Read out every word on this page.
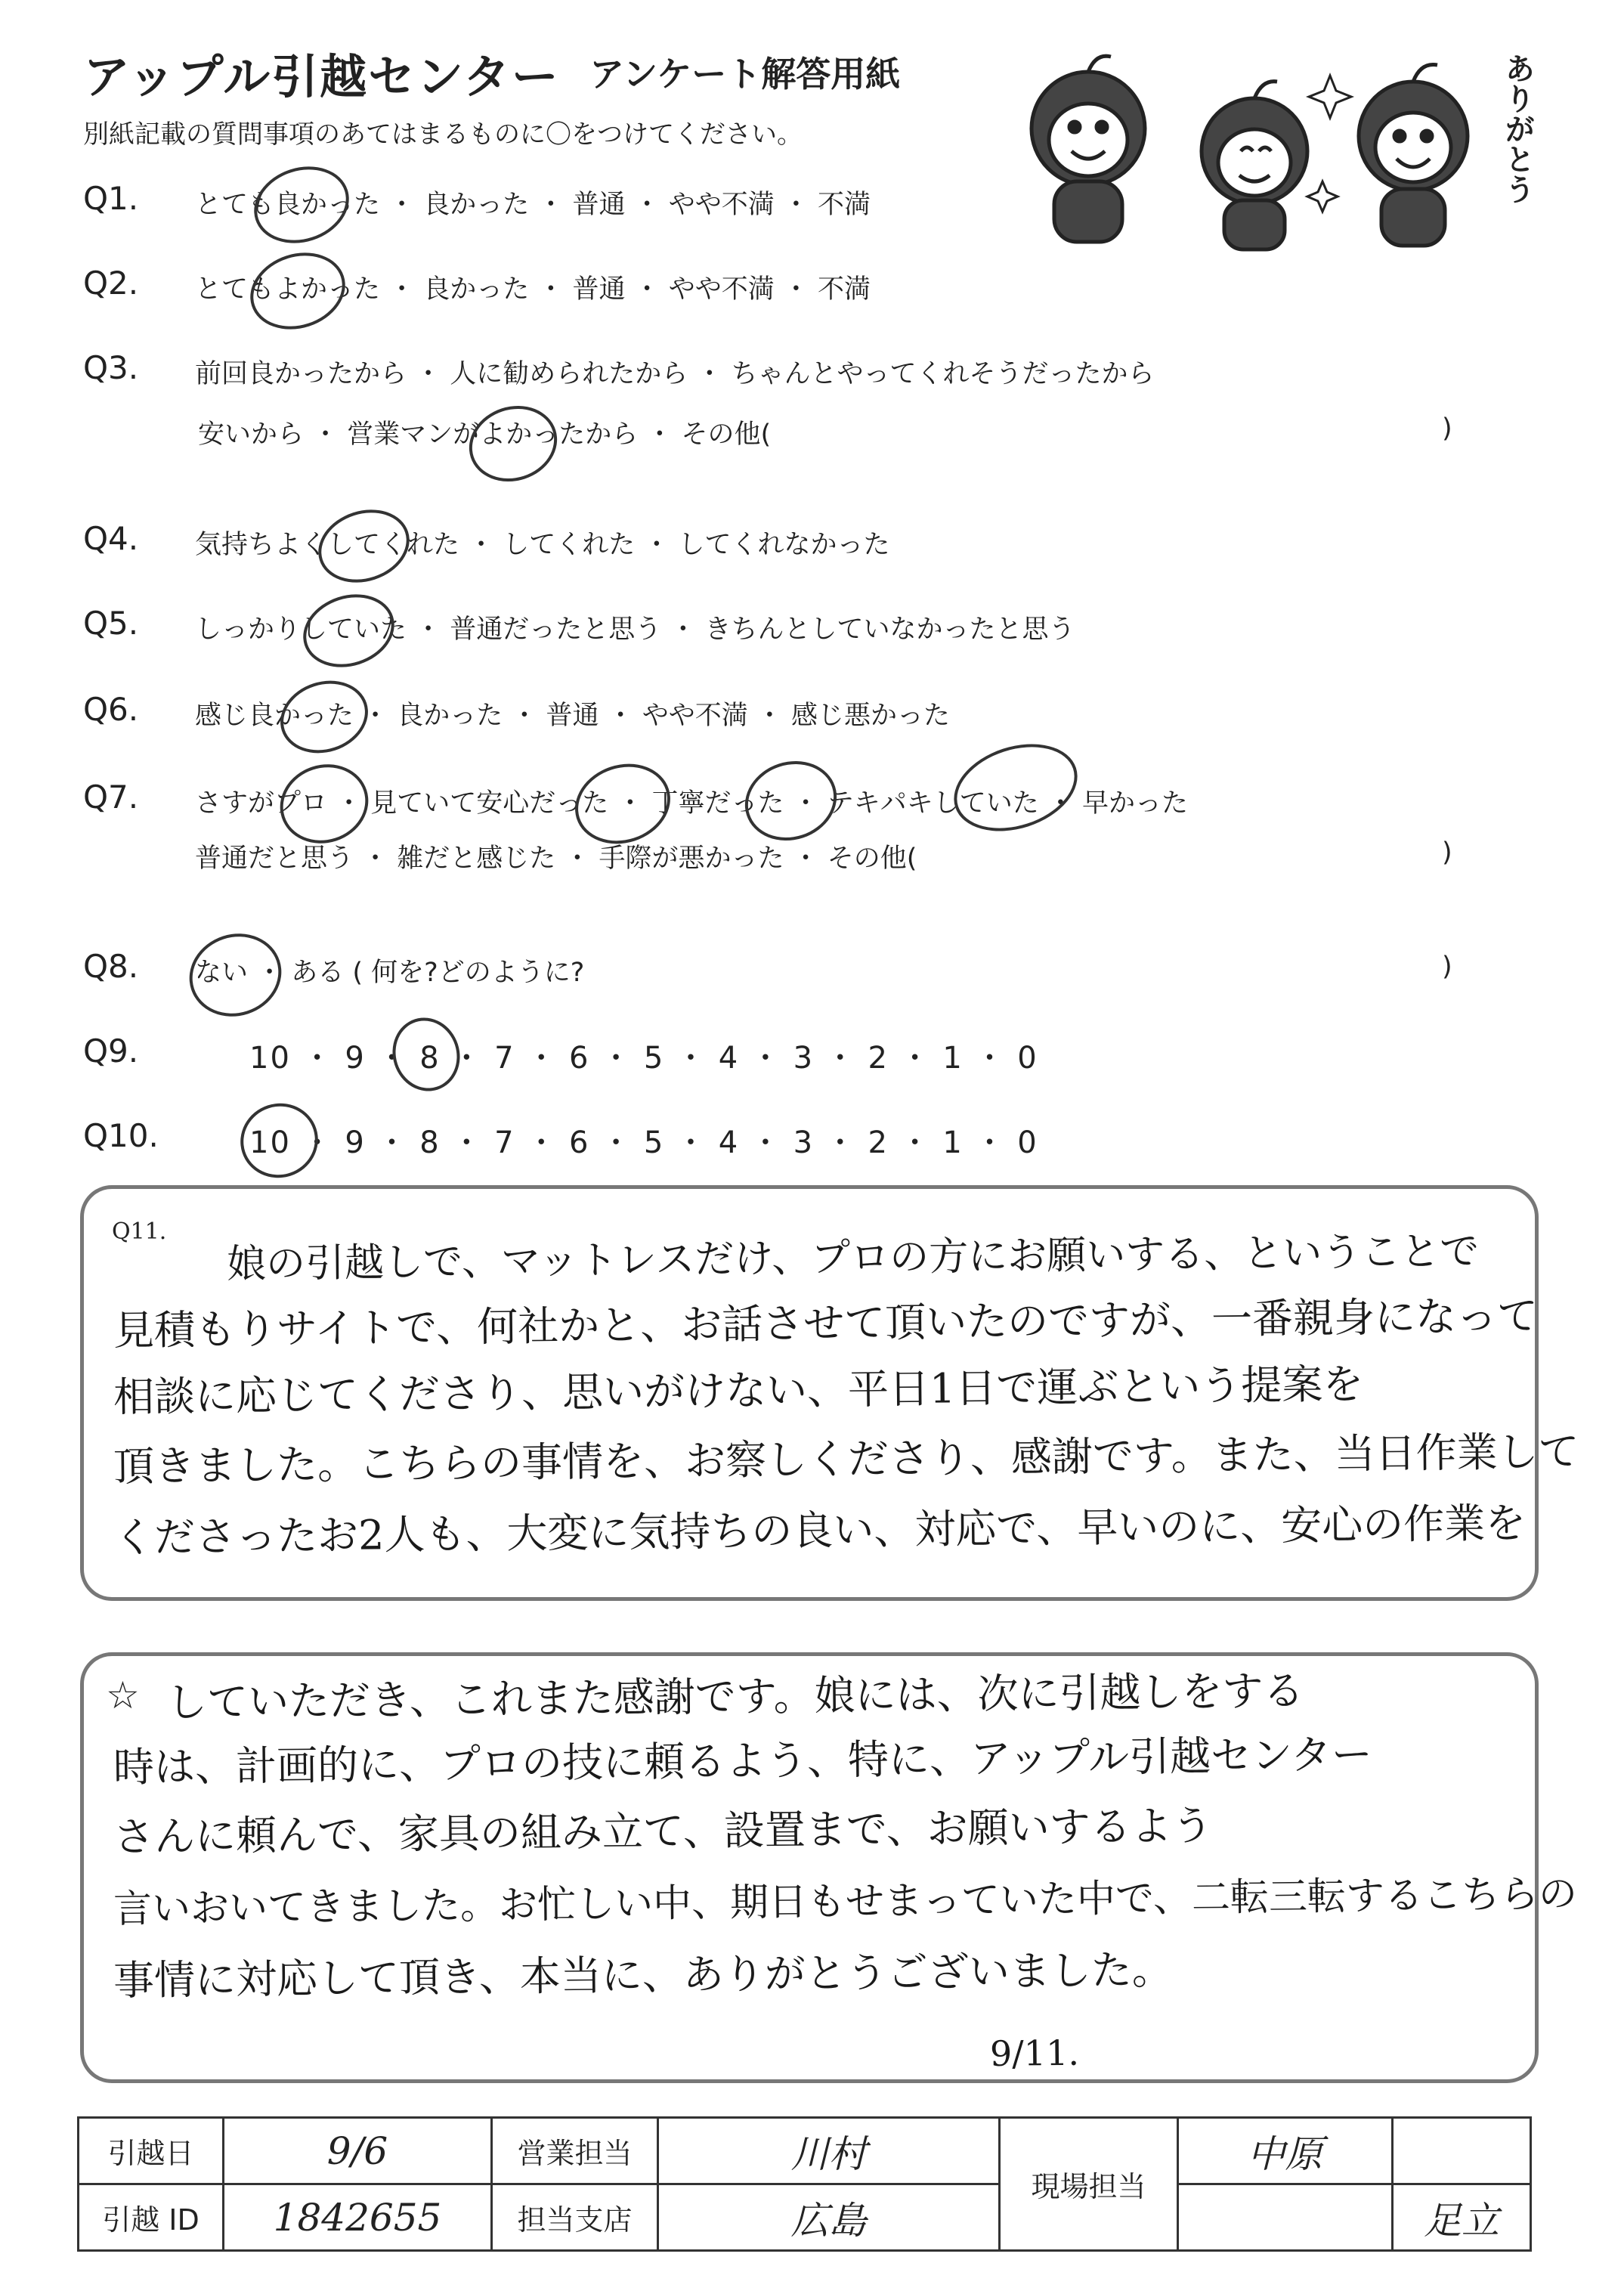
アップル引越センター アンケート解答用紙
別紙記載の質問事項のあてはまるものに〇をつけてください。	ありがとう
Q1. とても良かった ・ 良かった ・ 普通 ・ やや不満 ・ 不満
Q2. とてもよかった ・ 良かった ・ 普通 ・ やや不満 ・ 不満
Q3. 前回良かったから ・ 人に勧められたから ・ ちゃんとやってくれそうだったから
安いから ・ 営業マンがよかったから ・ その他(	)
Q4. 気持ちよくしてくれた ・ してくれた ・ してくれなかった
Q5. しっかりしていた ・ 普通だったと思う ・ きちんとしていなかったと思う
Q6. 感じ良かった ・ 良かった ・ 普通 ・ やや不満 ・ 感じ悪かった
Q7. さすがプロ ・ 見ていて安心だった ・ 丁寧だった ・ テキパキしていた ・ 早かった
普通だと思う ・ 雑だと感じた ・ 手際が悪かった ・ その他(	)
Q8. ない ・ ある ( 何を?どのように?	)
Q9.	10 ・ 9 ・ 8 ・ 7 ・ 6 ・ 5 ・ 4 ・ 3 ・ 2 ・ 1 ・ 0
Q10.	10 ・ 9 ・ 8 ・ 7 ・ 6 ・ 5 ・ 4 ・ 3 ・ 2 ・ 1 ・ 0
Q11. 娘の引越しで、マットレスだけ、プロの方にお願いする、ということで
見積もりサイトで、何社かと、お話させて頂いたのですが、一番親身になって
相談に応じてくださり、思いがけない、平日1日で運ぶという提案を
頂きました。こちらの事情を、お察しくださり、感謝です。また、当日作業して
くださったお2人も、大変に気持ちの良い、対応で、早いのに、安心の作業を
☆ していただき、これまた感謝です。娘には、次に引越しをする
時は、計画的に、プロの技に頼るよう、特に、アップル引越センター
さんに頼んで、家具の組み立て、設置まで、お願いするよう
言いおいてきました。お忙しい中、期日もせまっていた中で、二転三転するこちらの
事情に対応して頂き、本当に、ありがとうございました。
9/11.
引越日	9/6	営業担当	川村	現場担当	中原	
引越 ID	1842655	担当支店	広島			足立
